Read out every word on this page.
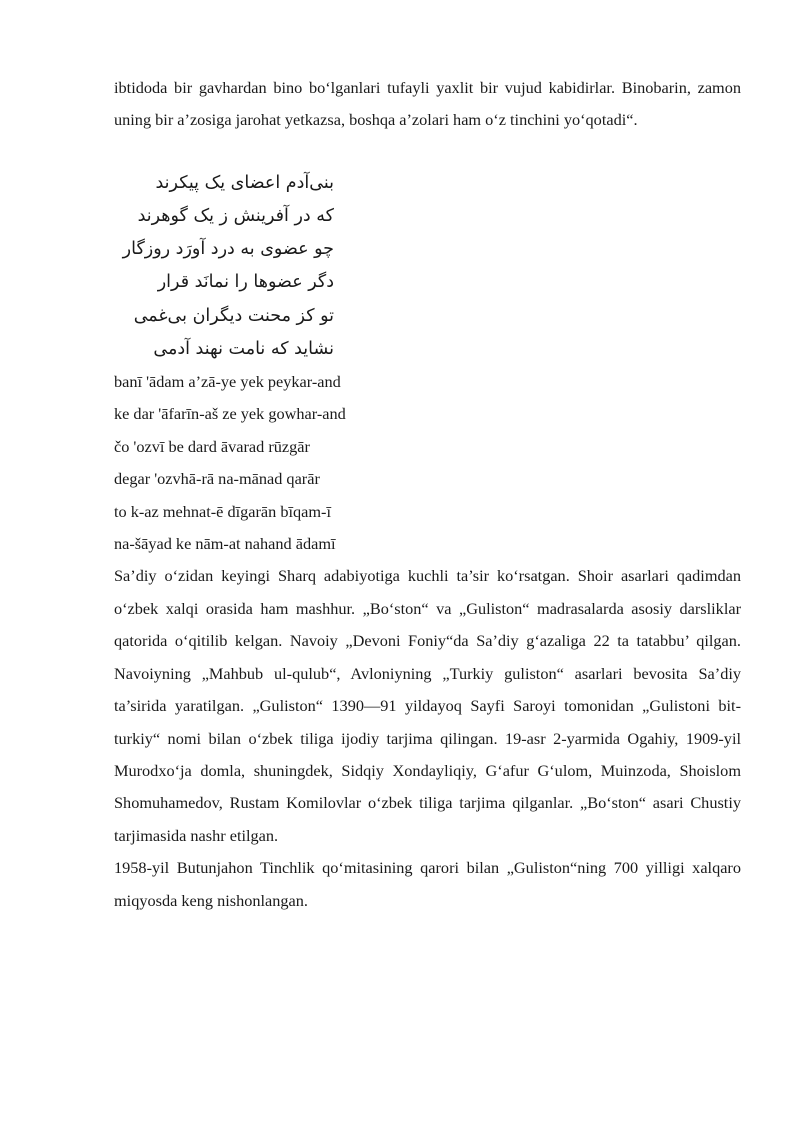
ibtidoda bir gavhardan bino bo‘lganlari tufayli yaxlit bir vujud kabidirlar. Binobarin, zamon uning bir a’zosiga jarohat yetkazsa, boshqa a’zolari ham o‘z tinchini yo‘qotadi“.

بنی‌آدم اعضای یک پیکرند

که در آفرینش ز یک گوهرند

چو عضوی به درد آورَد روزگار

دگر عضوها را نمانَد قرار

تو کز محنت دیگران بی‌غمی

نشاید که نامت نهند آدمی

banī 'ādam a’zā-ye yek peykar-and

ke dar 'āfarīn-aš ze yek gowhar-and

čo 'ozvī be dard āvarad rūzgār

degar 'ozvhā-rā na-mānad qarār

to k-az mehnat-ē dīgarān bīqam-ī

na-šāyad ke nām-at nahand ādamī

Sa’diy o‘zidan keyingi Sharq adabiyotiga kuchli ta’sir ko‘rsatgan. Shoir asarlari qadimdan o‘zbek xalqi orasida ham mashhur. „Bo‘ston“ va „Guliston“ madrasalarda asosiy darsliklar qatorida o‘qitilib kelgan. Navoiy „Devoni Foniy“da Sa’diy g‘azaliga 22 ta tatabbu’ qilgan. Navoiyning „Mahbub ul-qulub“, Avloniyning „Turkiy guliston“ asarlari bevosita Sa’diy ta’sirida yaratilgan. „Guliston“ 1390—91 yildayoq Sayfi Saroyi tomonidan „Gulistoni bit-turkiy“ nomi bilan o‘zbek tiliga ijodiy tarjima qilingan. 19-asr 2-yarmida Ogahiy, 1909-yil Murodxo‘ja domla, shuningdek, Sidqiy Xondayliqiy, G‘afur G‘ulom, Muinzoda, Shoislom Shomuhamedov, Rustam Komilovlar o‘zbek tiliga tarjima qilganlar. „Bo‘ston“ asari Chustiy tarjimasida nashr etilgan.

1958-yil Butunjahon Tinchlik qo‘mitasining qarori bilan „Guliston“ning 700 yilligi xalqaro miqyosda keng nishonlangan.
